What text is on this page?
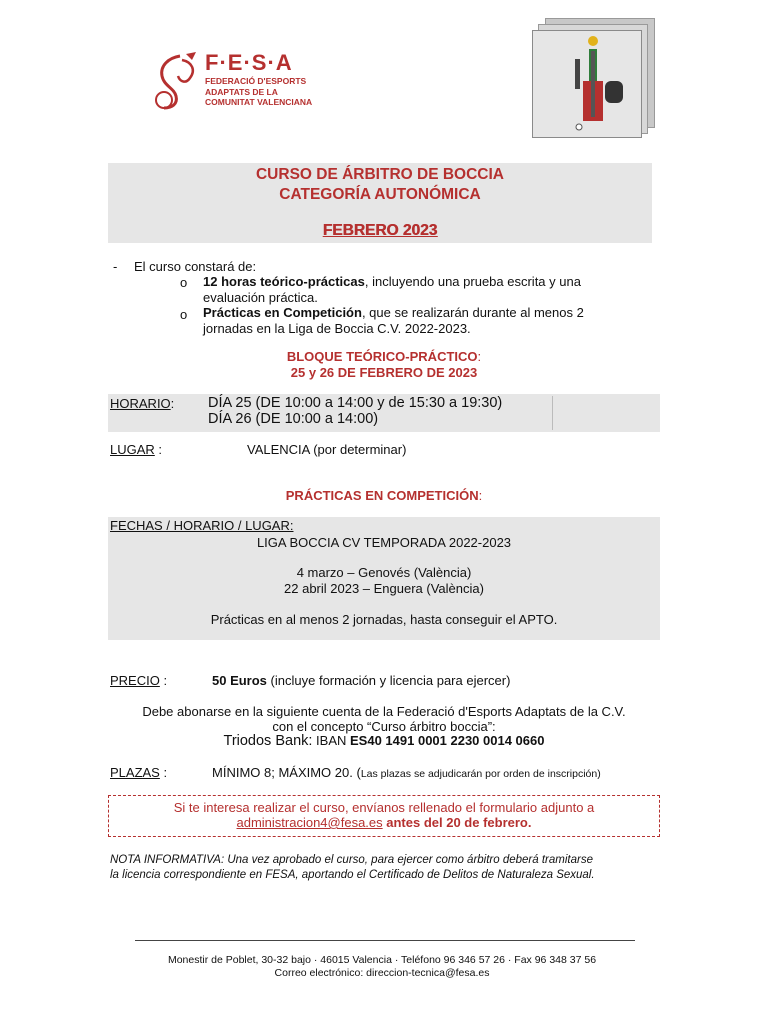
F·E·S·A
FEDERACIÓ D'ESPORTS
ADAPTATS DE LA
COMUNITAT VALENCIANA
CURSO DE ÁRBITRO DE BOCCIA
CATEGORÍA AUTONÓMICA
FEBRERO 2023
- El curso constará de:
o 12 horas teórico-prácticas, incluyendo una prueba escrita y una
evaluación práctica.
o Prácticas en Competición, que se realizarán durante al menos 2
jornadas en la Liga de Boccia C.V. 2022-2023.
BLOQUE TEÓRICO-PRÁCTICO:
25 y 26 DE FEBRERO DE 2023
HORARIO: DÍA 25 (DE 10:00 a 14:00 y de 15:30 a 19:30)
DÍA 26 (DE 10:00 a 14:00)
LUGAR :	VALENCIA (por determinar)
PRÁCTICAS EN COMPETICIÓN:
FECHAS / HORARIO / LUGAR:
LIGA BOCCIA CV TEMPORADA 2022-2023
4 marzo – Genovés (València)
22 abril 2023 – Enguera (València)
Prácticas en al menos 2 jornadas, hasta conseguir el APTO.
PRECIO :	50 Euros (incluye formación y licencia para ejercer)
Debe abonarse en la siguiente cuenta de la Federació d'Esports Adaptats de la C.V.
con el concepto “Curso árbitro boccia”:
Triodos Bank: IBAN ES40 1491 0001 2230 0014 0660
PLAZAS :	MÍNIMO 8; MÁXIMO 20. (Las plazas se adjudicarán por orden de inscripción)
Si te interesa realizar el curso, envíanos rellenado el formulario adjunto a
administracion4@fesa.es antes del 20 de febrero.
NOTA INFORMATIVA: Una vez aprobado el curso, para ejercer como árbitro deberá tramitarse
la licencia correspondiente en FESA, aportando el Certificado de Delitos de Naturaleza Sexual.
Monestir de Poblet, 30-32 bajo · 46015 Valencia · Teléfono 96 346 57 26 · Fax 96 348 37 56
Correo electrónico: direccion-tecnica@fesa.es
